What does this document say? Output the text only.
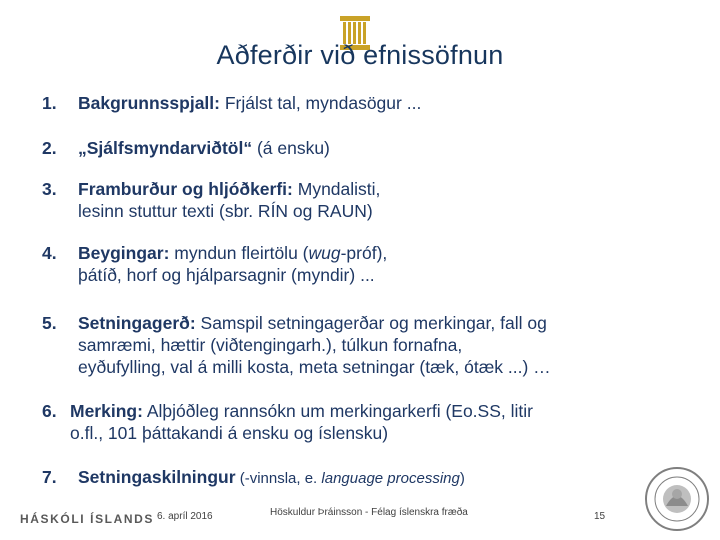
Aðferðir við efnissöfnun
1. Bakgrunnsspjall: Frjálst tal, myndasögur ...
2. „Sjálfsmyndarviðtöl“ (á ensku)
3. Framburður og hljóðkerfi: Myndalisti,
lesinn stuttur texti (sbr. RÍN og RAUN)
4. Beygingar: myndun fleirtölu (wug-próf),
þátíð, horf og hjálparsagnir (myndir) ...
5. Setningagerð: Samspil setningagerðar og merkingar, fall og
samræmi, hættir (viðtengingarh.), túlkun fornafna,
eyðufylling, val á milli kosta, meta setningar (tæk, ótæk ...) …
6. Merking: Alþjóðleg rannsókn um merkingarkerfi (Eo.SS, litir
o.fl., 101 þáttakandi á ensku og íslensku)
7. Setningaskilningur (-vinnsla, e. language processing)
HÁSKÓLI ÍSLANDS 6. apríl 2016	Höskuldur Þráinsson - Félag íslenskra fræða	15
